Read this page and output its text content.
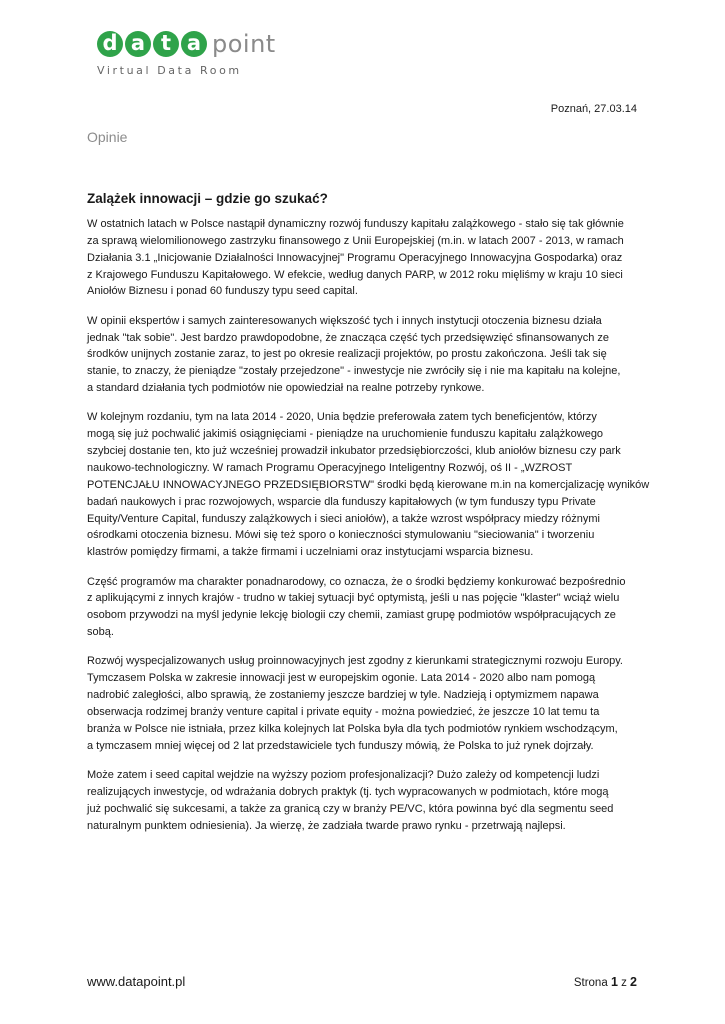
d a t a point
Virtual Data Room
Poznań, 27.03.14
Opinie
Zalążek innowacji – gdzie go szukać?

W ostatnich latach w Polsce nastąpił dynamiczny rozwój funduszy kapitału zalążkowego - stało się tak głównie
za sprawą wielomilionowego zastrzyku finansowego z Unii Europejskiej (m.in. w latach 2007 - 2013, w ramach
Działania 3.1 „Inicjowanie Działalności Innowacyjnej" Programu Operacyjnego Innowacyjna Gospodarka) oraz
z Krajowego Funduszu Kapitałowego. W efekcie, według danych PARP, w 2012 roku mięliśmy w kraju 10 sieci
Aniołów Biznesu i ponad 60 funduszy typu seed capital.

W opinii ekspertów i samych zainteresowanych większość tych i innych instytucji otoczenia biznesu działa
jednak "tak sobie". Jest bardzo prawdopodobne, że znacząca część tych przedsięwzięć sfinansowanych ze
środków unijnych zostanie zaraz, to jest po okresie realizacji projektów, po prostu zakończona. Jeśli tak się
stanie, to znaczy, że pieniądze "zostały przejedzone" - inwestycje nie zwróciły się i nie ma kapitału na kolejne,
a standard działania tych podmiotów nie opowiedział na realne potrzeby rynkowe.

W kolejnym rozdaniu, tym na lata 2014 - 2020, Unia będzie preferowała zatem tych beneficjentów, którzy
mogą się już pochwalić jakimiś osiągnięciami - pieniądze na uruchomienie funduszu kapitału zalążkowego
szybciej dostanie ten, kto już wcześniej prowadził inkubator przedsiębiorczości, klub aniołów biznesu czy park
naukowo-technologiczny. W ramach Programu Operacyjnego Inteligentny Rozwój, oś II - „WZROST
POTENCJAŁU INNOWACYJNEGO PRZEDSIĘBIORSTW" środki będą kierowane m.in na komercjalizację wyników
badań naukowych i prac rozwojowych, wsparcie dla funduszy kapitałowych (w tym funduszy typu Private
Equity/Venture Capital, funduszy zalążkowych i sieci aniołów), a także wzrost współpracy miedzy różnymi
ośrodkami otoczenia biznesu. Mówi się też sporo o konieczności stymulowaniu "sieciowania" i tworzeniu
klastrów pomiędzy firmami, a także firmami i uczelniami oraz instytucjami wsparcia biznesu.

Część programów ma charakter ponadnarodowy, co oznacza, że o środki będziemy konkurować bezpośrednio
z aplikującymi z innych krajów - trudno w takiej sytuacji być optymistą, jeśli u nas pojęcie "klaster" wciąż wielu
osobom przywodzi na myśl jedynie lekcję biologii czy chemii, zamiast grupę podmiotów współpracujących ze
sobą.

Rozwój wyspecjalizowanych usług proinnowacyjnych jest zgodny z kierunkami strategicznymi rozwoju Europy.
Tymczasem Polska w zakresie innowacji jest w europejskim ogonie. Lata 2014 - 2020 albo nam pomogą
nadrobić zaległości, albo sprawią, że zostaniemy jeszcze bardziej w tyle. Nadzieją i optymizmem napawa
obserwacja rodzimej branży venture capital i private equity - można powiedzieć, że jeszcze 10 lat temu ta
branża w Polsce nie istniała, przez kilka kolejnych lat Polska była dla tych podmiotów rynkiem wschodzącym,
a tymczasem mniej więcej od 2 lat przedstawiciele tych funduszy mówią, że Polska to już rynek dojrzały.

Może zatem i seed capital wejdzie na wyższy poziom profesjonalizacji? Dużo zależy od kompetencji ludzi
realizujących inwestycje, od wdrażania dobrych praktyk (tj. tych wypracowanych w podmiotach, które mogą
już pochwalić się sukcesami, a także za granicą czy w branży PE/VC, która powinna być dla segmentu seed
naturalnym punktem odniesienia). Ja wierzę, że zadziała twarde prawo rynku - przetrwają najlepsi.

www.datapoint.pl	Strona 1 z 2
